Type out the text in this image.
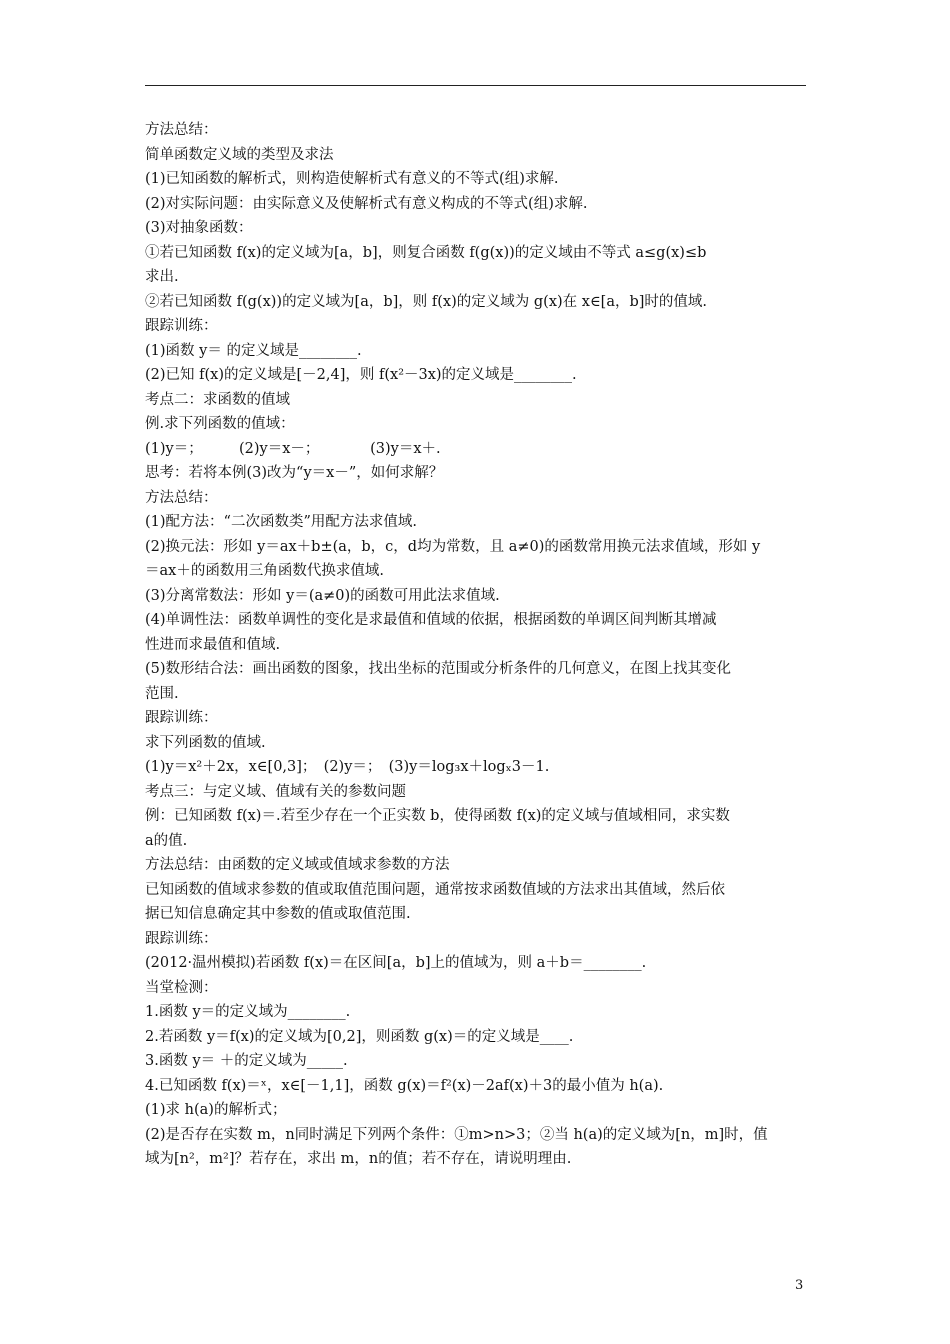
方法总结：
简单函数定义域的类型及求法
(1)已知函数的解析式，则构造使解析式有意义的不等式(组)求解.
(2)对实际问题：由实际意义及使解析式有意义构成的不等式(组)求解.
(3)对抽象函数：
①若已知函数 f(x)的定义域为[a，b]，则复合函数 f(g(x))的定义域由不等式 a≤g(x)≤b
求出.
②若已知函数 f(g(x))的定义域为[a，b]，则 f(x)的定义域为 g(x)在 x∈[a，b]时的值域.
跟踪训练：
(1)函数 y＝ 的定义域是________.
(2)已知 f(x)的定义域是[－2,4]，则 f(x²－3x)的定义域是________.
考点二：求函数的值域
例.求下列函数的值域：
(1)y＝；　　　(2)y＝x－；　　　　(3)y＝x＋.
思考：若将本例(3)改为“y＝x－”，如何求解？
方法总结：
(1)配方法：“二次函数类”用配方法求值域.
(2)换元法：形如 y＝ax＋b±(a，b，c，d均为常数，且 a≠0)的函数常用换元法求值域，形如 y
＝ax＋的函数用三角函数代换求值域.
(3)分离常数法：形如 y＝(a≠0)的函数可用此法求值域.
(4)单调性法：函数单调性的变化是求最值和值域的依据，根据函数的单调区间判断其增减
性进而求最值和值域.
(5)数形结合法：画出函数的图象，找出坐标的范围或分析条件的几何意义，在图上找其变化
范围.
跟踪训练：
求下列函数的值域.
(1)y＝x²＋2x，x∈[0,3]；　(2)y＝；　(3)y＝log₃x＋logₓ3－1.
考点三：与定义域、值域有关的参数问题
例：已知函数 f(x)＝.若至少存在一个正实数 b，使得函数 f(x)的定义域与值域相同，求实数
a的值.
方法总结：由函数的定义域或值域求参数的方法
已知函数的值域求参数的值或取值范围问题，通常按求函数值域的方法求出其值域，然后依
据已知信息确定其中参数的值或取值范围.
跟踪训练：
(2012·温州模拟)若函数 f(x)＝在区间[a，b]上的值域为，则 a＋b＝________.
当堂检测：
1.函数 y＝的定义域为________.
2.若函数 y＝f(x)的定义域为[0,2]，则函数 g(x)＝的定义域是____.
3.函数 y＝ ＋的定义域为_____.
4.已知函数 f(x)＝ˣ，x∈[－1,1]，函数 g(x)＝f²(x)－2af(x)＋3的最小值为 h(a).
(1)求 h(a)的解析式；
(2)是否存在实数 m，n同时满足下列两个条件：①m>n>3；②当 h(a)的定义域为[n，m]时，值
域为[n²，m²]？若存在，求出 m，n的值；若不存在，请说明理由.
3
